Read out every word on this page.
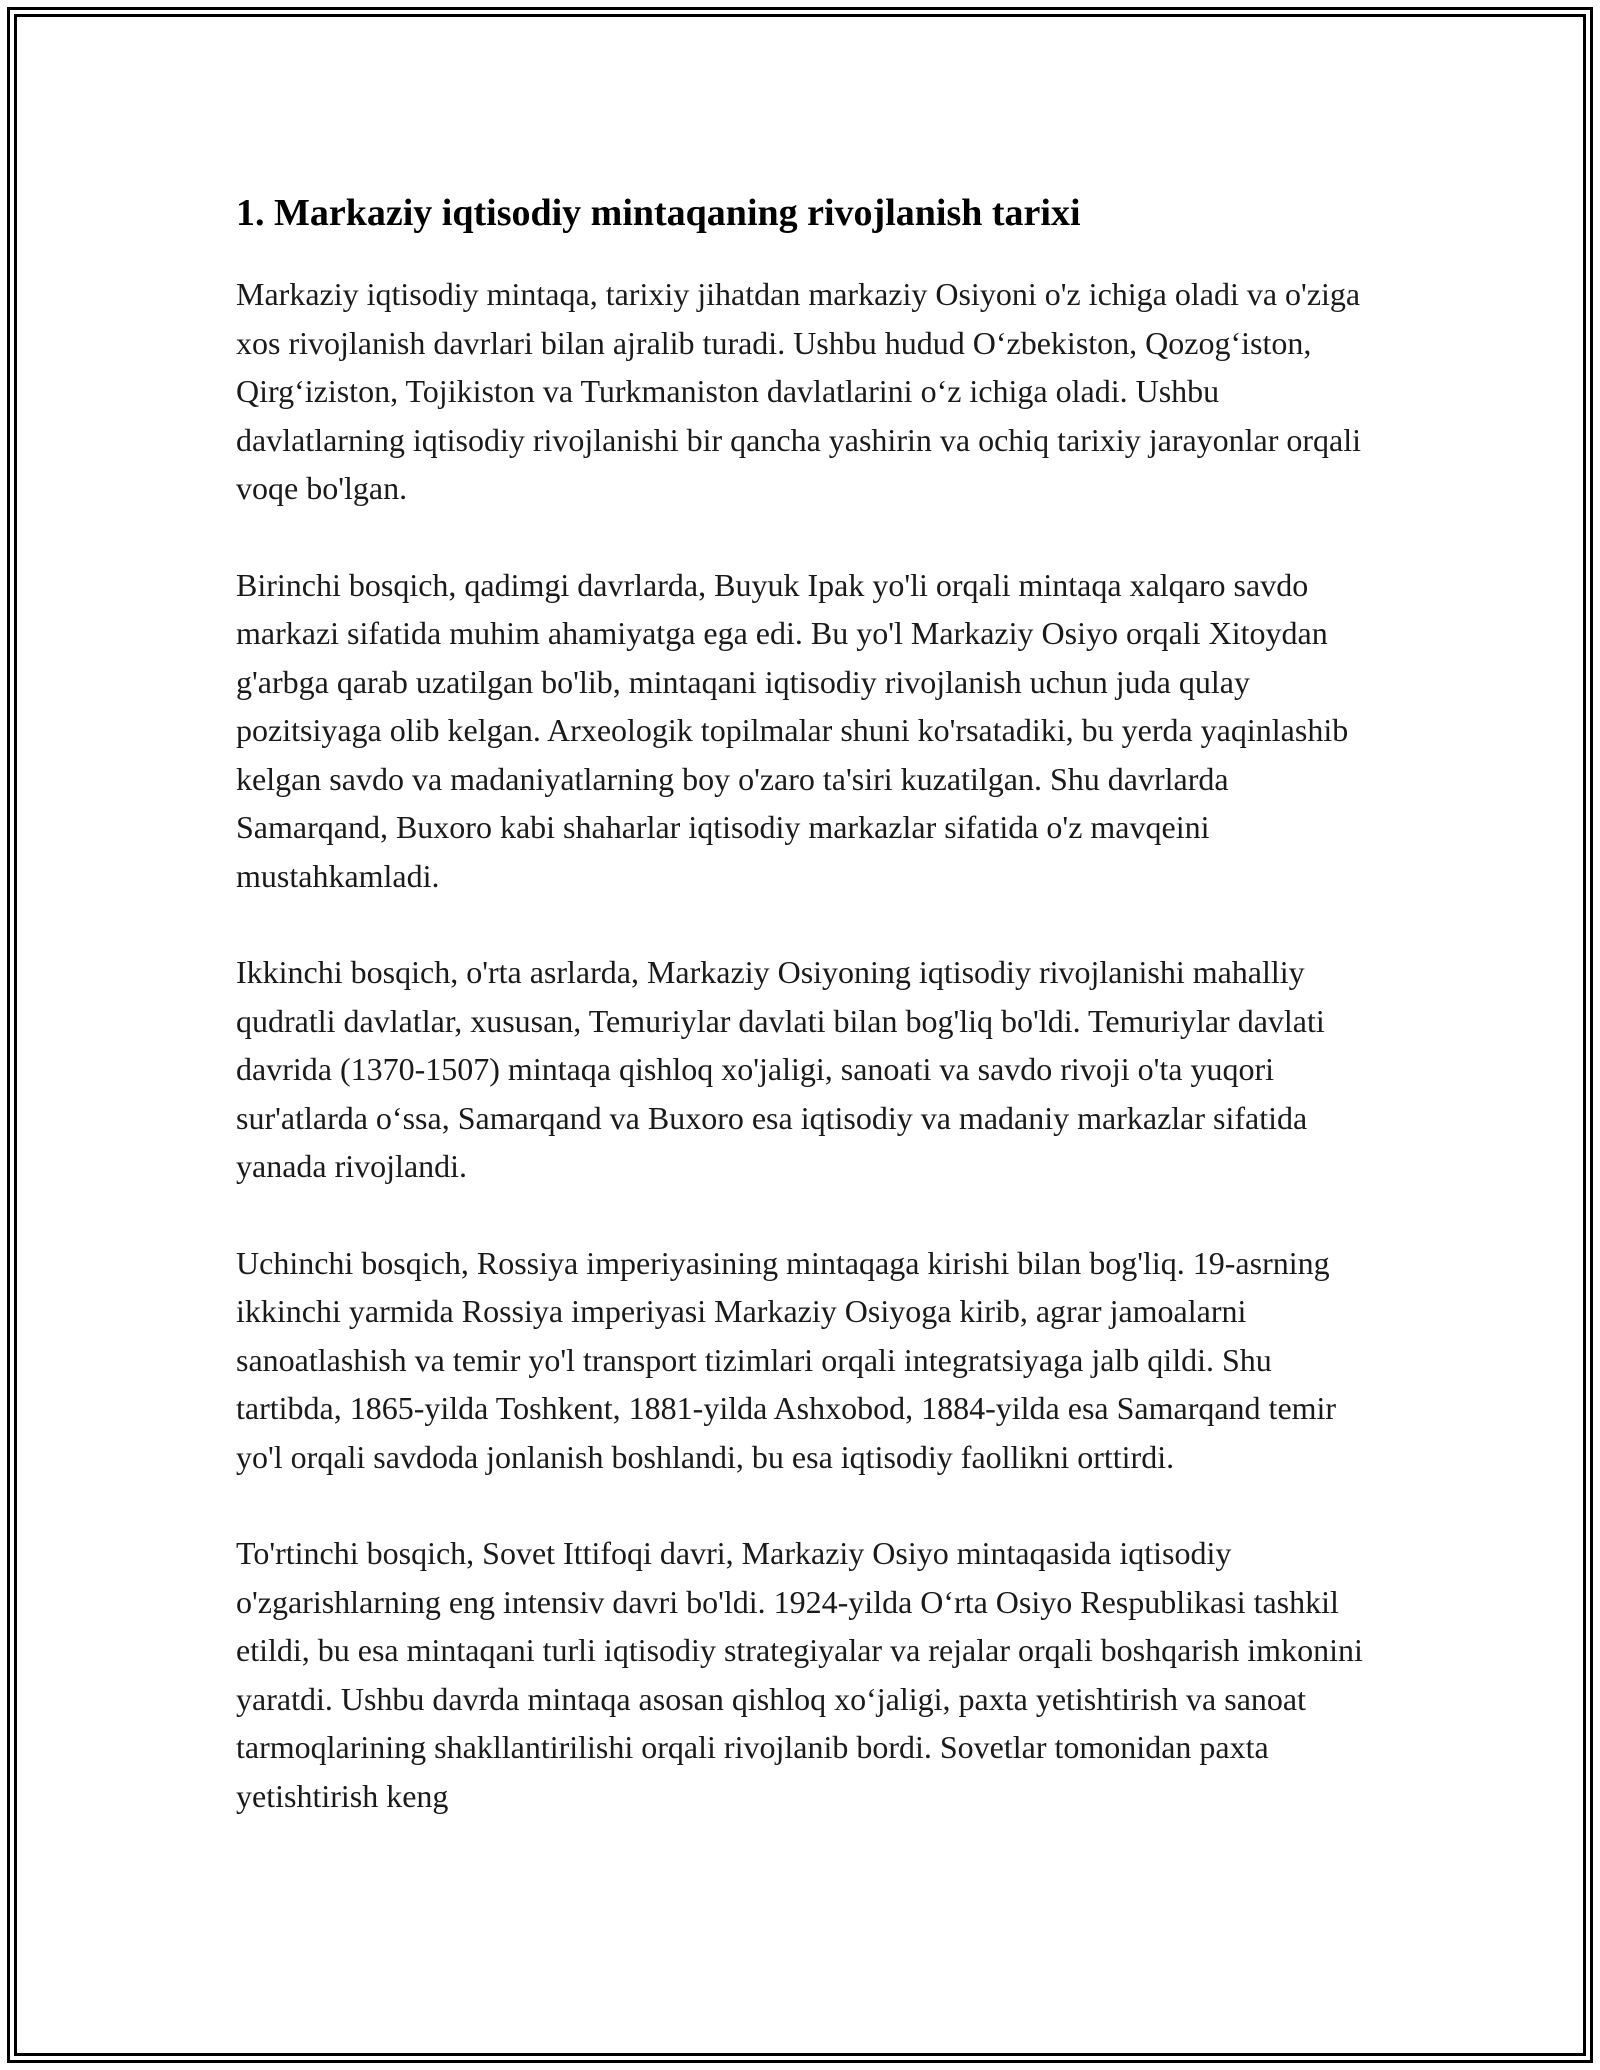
1. Markaziy iqtisodiy mintaqaning rivojlanish tarixi

Markaziy iqtisodiy mintaqa, tarixiy jihatdan markaziy Osiyoni o'z ichiga oladi va o'ziga xos rivojlanish davrlari bilan ajralib turadi. Ushbu hudud O‘zbekiston, Qozog‘iston, Qirg‘iziston, Tojikiston va Turkmaniston davlatlarini o‘z ichiga oladi. Ushbu davlatlarning iqtisodiy rivojlanishi bir qancha yashirin va ochiq tarixiy jarayonlar orqali voqe bo'lgan.

Birinchi bosqich, qadimgi davrlarda, Buyuk Ipak yo'li orqali mintaqa xalqaro savdo markazi sifatida muhim ahamiyatga ega edi. Bu yo'l Markaziy Osiyo orqali Xitoydan g'arbga qarab uzatilgan bo'lib, mintaqani iqtisodiy rivojlanish uchun juda qulay pozitsiyaga olib kelgan. Arxeologik topilmalar shuni ko'rsatadiki, bu yerda yaqinlashib kelgan savdo va madaniyatlarning boy o'zaro ta'siri kuzatilgan. Shu davrlarda Samarqand, Buxoro kabi shaharlar iqtisodiy markazlar sifatida o'z mavqeini mustahkamladi.

Ikkinchi bosqich, o'rta asrlarda, Markaziy Osiyoning iqtisodiy rivojlanishi mahalliy qudratli davlatlar, xususan, Temuriylar davlati bilan bog'liq bo'ldi. Temuriylar davlati davrida (1370-1507) mintaqa qishloq xo'jaligi, sanoati va savdo rivoji o'ta yuqori sur'atlarda o‘ssa, Samarqand va Buxoro esa iqtisodiy va madaniy markazlar sifatida yanada rivojlandi.

Uchinchi bosqich, Rossiya imperiyasining mintaqaga kirishi bilan bog'liq. 19-asrning ikkinchi yarmida Rossiya imperiyasi Markaziy Osiyoga kirib, agrar jamoalarni sanoatlashish va temir yo'l transport tizimlari orqali integratsiyaga jalb qildi. Shu tartibda, 1865-yilda Toshkent, 1881-yilda Ashxobod, 1884-yilda esa Samarqand temir yo'l orqali savdoda jonlanish boshlandi, bu esa iqtisodiy faollikni orttirdi.

To'rtinchi bosqich, Sovet Ittifoqi davri, Markaziy Osiyo mintaqasida iqtisodiy o'zgarishlarning eng intensiv davri bo'ldi. 1924-yilda O‘rta Osiyo Respublikasi tashkil etildi, bu esa mintaqani turli iqtisodiy strategiyalar va rejalar orqali boshqarish imkonini yaratdi. Ushbu davrda mintaqa asosan qishloq xo‘jaligi, paxta yetishtirish va sanoat tarmoqlarining shakllantirilishi orqali rivojlanib bordi. Sovetlar tomonidan paxta yetishtirish keng
